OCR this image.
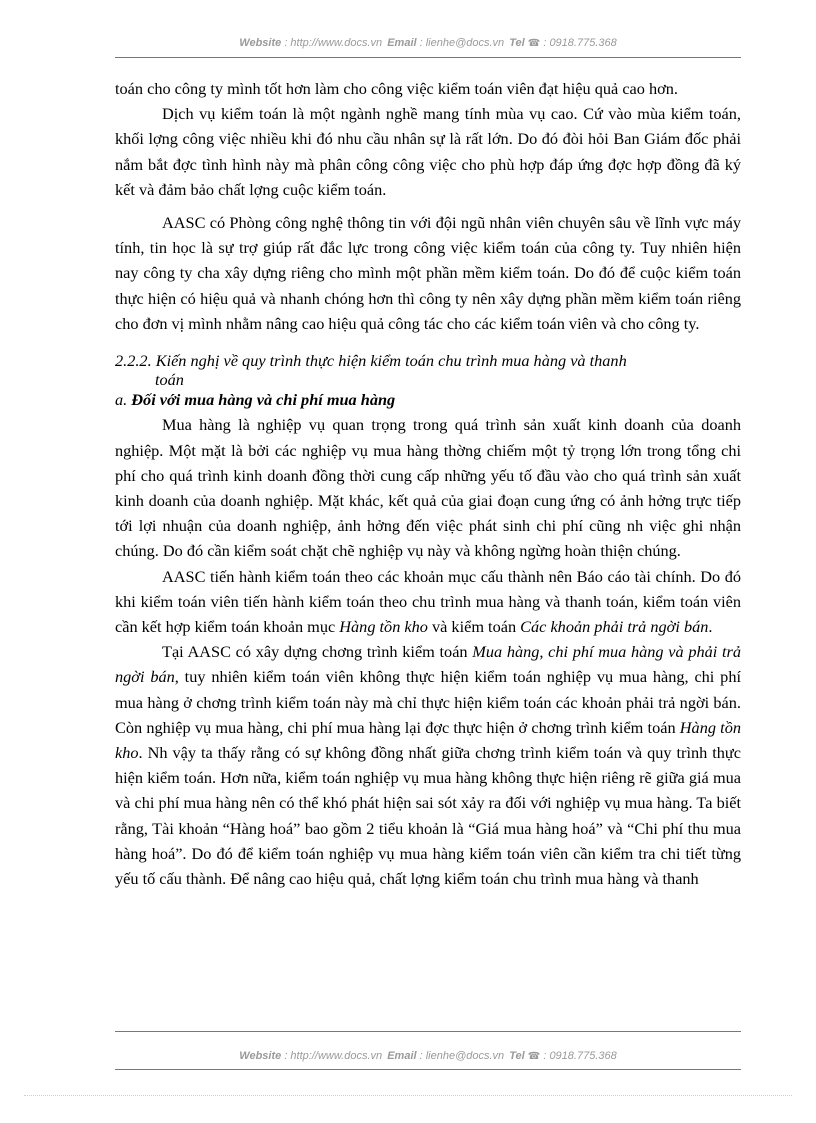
Website : http://www.docs.vn Email : lienhe@docs.vn Tel ☎ : 0918.775.368

toán cho công ty mình tốt hơn làm cho công việc kiểm toán viên đạt hiệu quả cao hơn.

Dịch vụ kiểm toán là một ngành nghề mang tính mùa vụ cao. Cứ vào mùa kiểm toán, khối lợng công việc nhiều khi đó nhu cầu nhân sự là rất lớn. Do đó đòi hỏi Ban Giám đốc phải nắm bắt đợc tình hình này mà phân công công việc cho phù hợp đáp ứng đợc hợp đồng đã ký kết và đảm bảo chất lợng cuộc kiểm toán.

AASC có Phòng công nghệ thông tin với đội ngũ nhân viên chuyên sâu về lĩnh vực máy tính, tin học là sự trợ giúp rất đắc lực trong công việc kiểm toán của công ty. Tuy nhiên hiện nay công ty cha xây dựng riêng cho mình một phần mềm kiểm toán. Do đó để cuộc kiểm toán thực hiện có hiệu quả và nhanh chóng hơn thì công ty nên xây dựng phần mềm kiểm toán riêng cho đơn vị mình nhằm nâng cao hiệu quả công tác cho các kiểm toán viên và cho công ty.

2.2.2. Kiến nghị về quy trình thực hiện kiểm toán chu trình mua hàng và thanh
toán

a. Đối với mua hàng và chi phí mua hàng

Mua hàng là nghiệp vụ quan trọng trong quá trình sản xuất kinh doanh của doanh nghiệp. Một mặt là bởi các nghiệp vụ mua hàng thờng chiếm một tỷ trọng lớn trong tổng chi phí cho quá trình kinh doanh đồng thời cung cấp những yếu tố đầu vào cho quá trình sản xuất kinh doanh của doanh nghiệp. Mặt khác, kết quả của giai đoạn cung ứng có ảnh hởng trực tiếp tới lợi nhuận của doanh nghiệp, ảnh hởng đến việc phát sinh chi phí cũng nh việc ghi nhận chúng. Do đó cần kiểm soát chặt chẽ nghiệp vụ này và không ngừng hoàn thiện chúng.

AASC tiến hành kiểm toán theo các khoản mục cấu thành nên Báo cáo tài chính. Do đó khi kiểm toán viên tiến hành kiểm toán theo chu trình mua hàng và thanh toán, kiểm toán viên cần kết hợp kiểm toán khoản mục Hàng tồn kho và kiểm toán Các khoản phải trả ngời bán.

Tại AASC có xây dựng chơng trình kiểm toán Mua hàng, chi phí mua hàng và phải trả ngời bán, tuy nhiên kiểm toán viên không thực hiện kiểm toán nghiệp vụ mua hàng, chi phí mua hàng ở chơng trình kiểm toán này mà chỉ thực hiện kiểm toán các khoản phải trả ngời bán. Còn nghiệp vụ mua hàng, chi phí mua hàng lại đợc thực hiện ở chơng trình kiểm toán Hàng tồn kho. Nh vậy ta thấy rằng có sự không đồng nhất giữa chơng trình kiểm toán và quy trình thực hiện kiểm toán. Hơn nữa, kiểm toán nghiệp vụ mua hàng không thực hiện riêng rẽ giữa giá mua và chi phí mua hàng nên có thể khó phát hiện sai sót xảy ra đối với nghiệp vụ mua hàng. Ta biết rằng, Tài khoản “Hàng hoá” bao gồm 2 tiểu khoản là “Giá mua hàng hoá” và “Chi phí thu mua hàng hoá”. Do đó để kiểm toán nghiệp vụ mua hàng kiểm toán viên cần kiểm tra chi tiết từng yếu tố cấu thành. Để nâng cao hiệu quả, chất lợng kiểm toán chu trình mua hàng và thanh

Website : http://www.docs.vn Email : lienhe@docs.vn Tel ☎ : 0918.775.368
